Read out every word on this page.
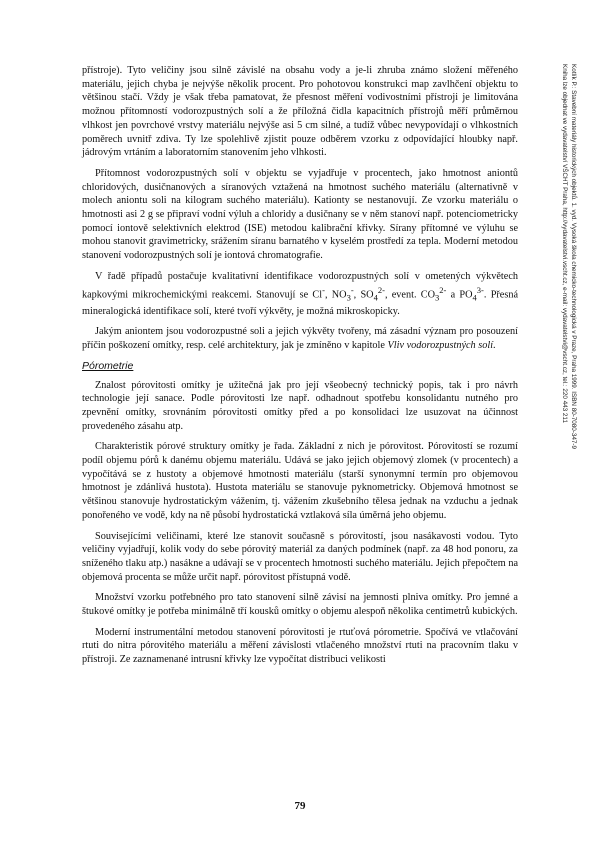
přístroje). Tyto veličiny jsou silně závislé na obsahu vody a je-li zhruba známo složení měřeného materiálu, jejich chyba je nejvýše několik procent. Pro pohotovou konstrukci map zavlhčení objektu to většinou stačí. Vždy je však třeba pamatovat, že přesnost měření vodivostními přístroji je limitována možnou přítomností vodorozpustných solí a že příložná čidla kapacitních přístrojů měří průměrnou vlhkost jen povrchové vrstvy materiálu nejvýše asi 5 cm silné, a tudíž vůbec nevypovídají o vlhkostních poměrech uvnitř zdiva. Ty lze spolehlivě zjistit pouze odběrem vzorku z odpovídající hloubky např. jádrovým vrtáním a laboratorním stanovením jeho vlhkosti.

Přítomnost vodorozpustných solí v objektu se vyjadřuje v procentech, jako hmotnost aniontů chloridových, dusičnanových a síranových vztažená na hmotnost suchého materiálu (alternativně v molech aniontu soli na kilogram suchého materiálu). Kationty se nestanovují. Ze vzorku materiálu o hmotnosti asi 2 g se připraví vodní výluh a chloridy a dusičnany se v něm stanoví např. potenciometricky pomocí iontově selektivních elektrod (ISE) metodou kalibrační křivky. Sírany přítomné ve výluhu se mohou stanovit gravimetricky, srážením síranu barnatého v kyselém prostředí za tepla. Moderní metodou stanovení vodorozpustných solí je iontová chromatografie.

V řadě případů postačuje kvalitativní identifikace vodorozpustných solí v ometených výkvětech kapkovými mikrochemickými reakcemi. Stanovují se Cl-, $NO_3^-$, $SO_4^{2-}$, event. $CO_3^{2-}$ a $PO_4^{3-}$. Přesná mineralogická identifikace solí, které tvoří výkvěty, je možná mikroskopicky.

Jakým aniontem jsou vodorozpustné soli a jejich výkvěty tvořeny, má zásadní význam pro posouzení příčin poškození omítky, resp. celé architektury, jak je zmíněno v kapitole Vliv vodorozpustných solí.

Pórometrie

Znalost pórovitosti omítky je užitečná jak pro její všeobecný technický popis, tak i pro návrh technologie její sanace. Podle pórovitosti lze např. odhadnout spotřebu konsolidantu nutného pro zpevnění omítky, srovnáním pórovitosti omítky před a po konsolidaci lze usuzovat na účinnost provedeného zásahu atp.

Charakteristik pórové struktury omítky je řada. Základní z nich je pórovitost. Pórovitostí se rozumí podíl objemu pórů k danému objemu materiálu. Udává se jako jejich objemový zlomek (v procentech) a vypočítává se z hustoty a objemové hmotnosti materiálu (starší synonymní termín pro objemovou hmotnost je zdánlivá hustota). Hustota materiálu se stanovuje pyknometricky. Objemová hmotnost se většinou stanovuje hydrostatickým vážením, tj. vážením zkušebního tělesa jednak na vzduchu a jednak ponořeného ve vodě, kdy na ně působí hydrostatická vztlaková síla úměrná jeho objemu.

Souvisejícími veličinami, které lze stanovit současně s pórovitostí, jsou nasákavosti vodou. Tyto veličiny vyjadřují, kolik vody do sebe pórovitý materiál za daných podmínek (např. za 48 hod ponoru, za sníženého tlaku atp.) nasákne a udávají se v procentech hmotnosti suchého materiálu. Jejich přepočtem na objemová procenta se může určit např. pórovitost přístupná vodě.

Množství vzorku potřebného pro tato stanovení silně závisí na jemnosti plniva omítky. Pro jemné a štukové omítky je potřeba minimálně tří kousků omítky o objemu alespoň několika centimetrů kubických.

Moderní instrumentální metodou stanovení pórovitosti je rtuťová pórometrie. Spočívá ve vtlačování rtuti do nitra pórovitého materiálu a měření závislosti vtlačeného množství rtuti na pracovním tlaku v přístroji. Ze zaznamenané intrusní křivky lze vypočítat distribuci velikosti

Kotlík P.: Stavební materiály historických objektů. 1. vyd. Vysoká škola chemicko-technologická v Praze, Praha 1999. ISBN 80-7080-347-9
Kniha lze objednat ve vydavatelství VŠCHT Praha, http://vydavatelstvi.vscht.cz, e-mail: vydavatelstvi@vscht.cz, tel.: 220 443 211
79
